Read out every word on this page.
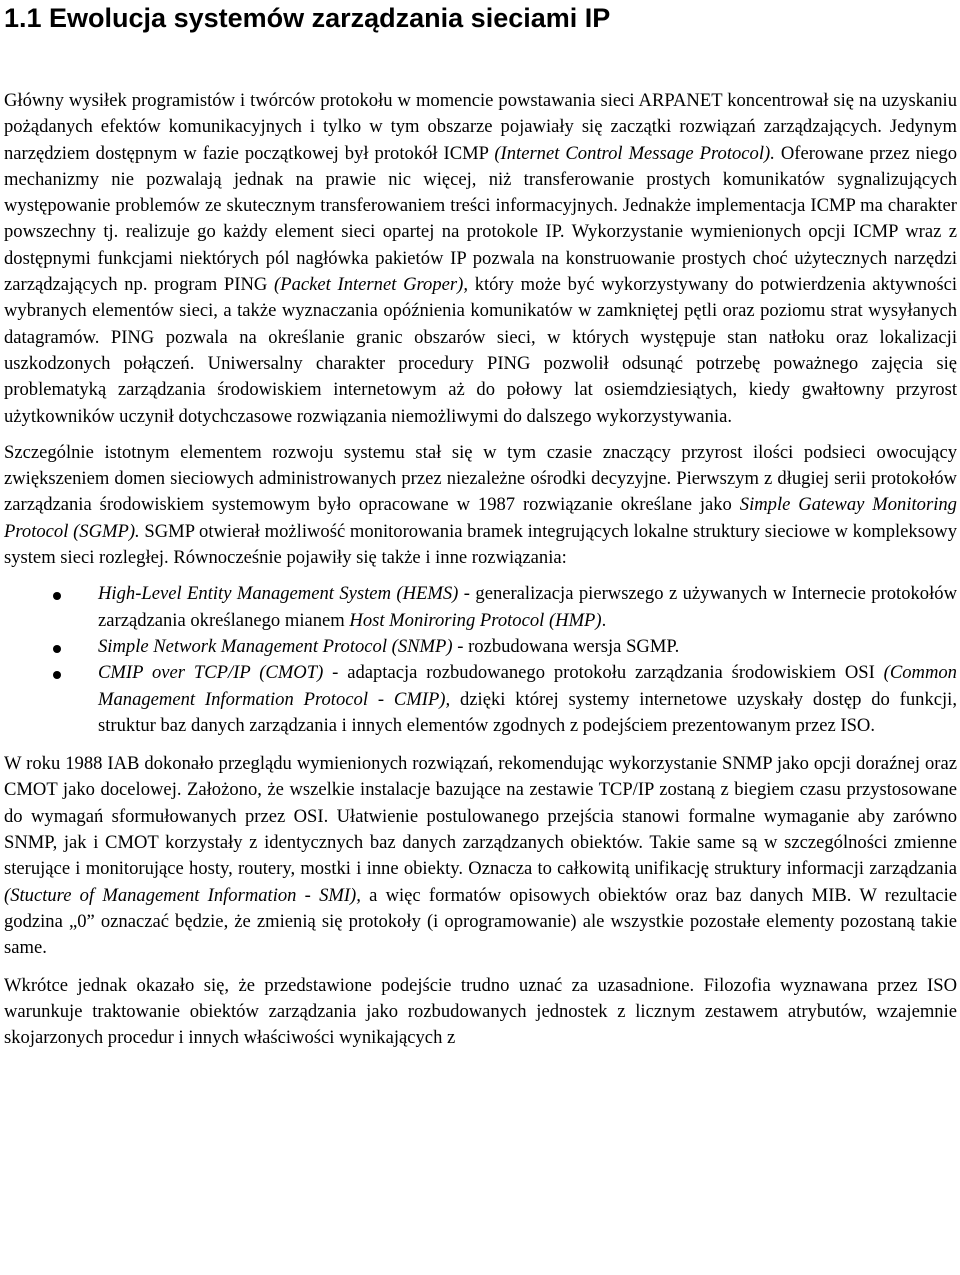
1.1 Ewolucja systemów zarządzania sieciami IP

Główny wysiłek programistów i twórców protokołu w momencie powstawania sieci ARPANET koncentrował się na uzyskaniu pożądanych efektów komunikacyjnych i tylko w tym obszarze pojawiały się zaczątki rozwiązań zarządzających. Jedynym narzędziem dostępnym w fazie początkowej był protokół ICMP (Internet Control Message Protocol). Oferowane przez niego mechanizmy nie pozwalają jednak na prawie nic więcej, niż transferowanie prostych komunikatów sygnalizujących występowanie problemów ze skutecznym transferowaniem treści informacyjnych. Jednakże implementacja ICMP ma charakter powszechny tj. realizuje go każdy element sieci opartej na protokole IP. Wykorzystanie wymienionych opcji ICMP wraz z dostępnymi funkcjami niektórych pól nagłówka pakietów IP pozwala na konstruowanie prostych choć użytecznych narzędzi zarządzających np. program PING (Packet Internet Groper), który może być wykorzystywany do potwierdzenia aktywności wybranych elementów sieci, a także wyznaczania opóźnienia komunikatów w zamkniętej pętli oraz poziomu strat wysyłanych datagramów. PING pozwala na określanie granic obszarów sieci, w których występuje stan natłoku oraz lokalizacji uszkodzonych połączeń. Uniwersalny charakter procedury PING pozwolił odsunąć potrzebę poważnego zajęcia się problematyką zarządzania środowiskiem internetowym aż do połowy lat osiemdziesiątych, kiedy gwałtowny przyrost użytkowników uczynił dotychczasowe rozwiązania niemożliwymi do dalszego wykorzystywania.

Szczególnie istotnym elementem rozwoju systemu stał się w tym czasie znaczący przyrost ilości podsieci owocujący zwiększeniem domen sieciowych administrowanych przez niezależne ośrodki decyzyjne. Pierwszym z długiej serii protokołów zarządzania środowiskiem systemowym było opracowane w 1987 rozwiązanie określane jako Simple Gateway Monitoring Protocol (SGMP). SGMP otwierał możliwość monitorowania bramek integrujących lokalne struktury sieciowe w kompleksowy system sieci rozległej. Równocześnie pojawiły się także i inne rozwiązania:

High-Level Entity Management System (HEMS) - generalizacja pierwszego z używanych w Internecie protokołów zarządzania określanego mianem Host Moniroring Protocol (HMP).
Simple Network Management Protocol (SNMP) - rozbudowana wersja SGMP.
CMIP over TCP/IP (CMOT) - adaptacja rozbudowanego protokołu zarządzania środowiskiem OSI (Common Management Information Protocol - CMIP), dzięki której systemy internetowe uzyskały dostęp do funkcji, struktur baz danych zarządzania i innych elementów zgodnych z podejściem prezentowanym przez ISO.

W roku 1988 IAB dokonało przeglądu wymienionych rozwiązań, rekomendując wykorzystanie SNMP jako opcji doraźnej oraz CMOT jako docelowej. Założono, że wszelkie instalacje bazujące na zestawie TCP/IP zostaną z biegiem czasu przystosowane do wymagań sformułowanych przez OSI. Ułatwienie postulowanego przejścia stanowi formalne wymaganie aby zarówno SNMP, jak i CMOT korzystały z identycznych baz danych zarządzanych obiektów. Takie same są w szczególności zmienne sterujące i monitorujące hosty, routery, mostki i inne obiekty. Oznacza to całkowitą unifikację struktury informacji zarządzania (Stucture of Management Information - SMI), a więc formatów opisowych obiektów oraz baz danych MIB. W rezultacie godzina „0” oznaczać będzie, że zmienią się protokoły (i oprogramowanie) ale wszystkie pozostałe elementy pozostaną takie same.

Wkrótce jednak okazało się, że przedstawione podejście trudno uznać za uzasadnione. Filozofia wyznawana przez ISO warunkuje traktowanie obiektów zarządzania jako rozbudowanych jednostek z licznym zestawem atrybutów, wzajemnie skojarzonych procedur i innych właściwości wynikających z
